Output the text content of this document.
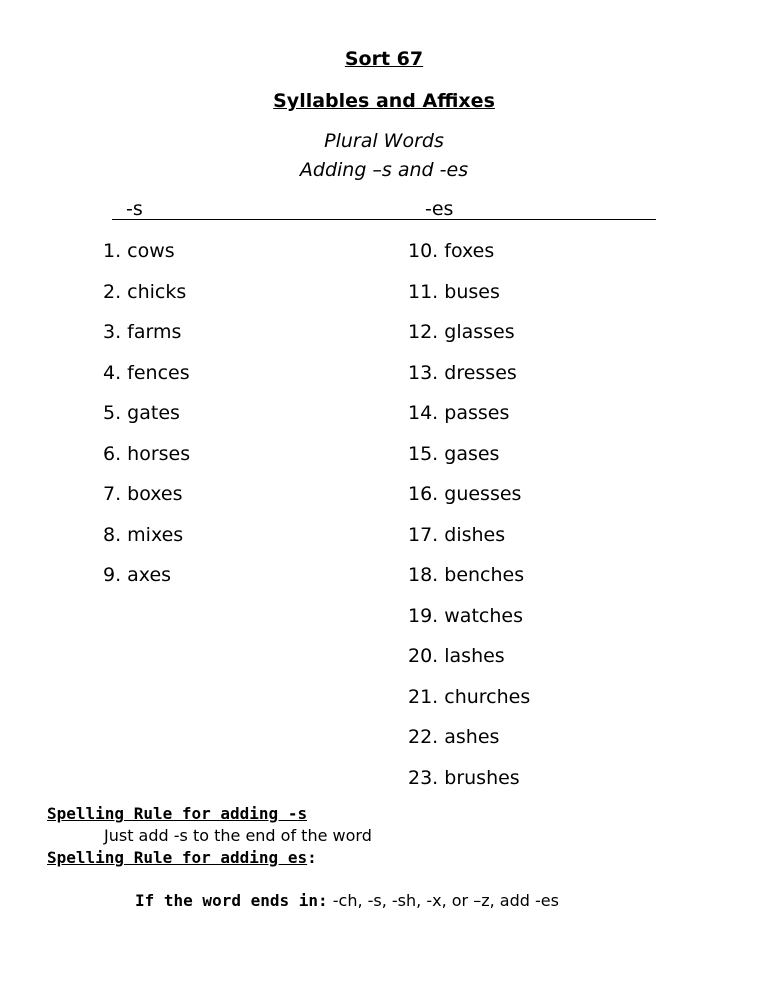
Sort 67
Syllables and Affixes
Plural Words
Adding –s and -es
-s	-es
1. cows
2. chicks
3. farms
4. fences
5. gates
6. horses
7. boxes
8. mixes
9. axes
10. foxes
11. buses
12. glasses
13. dresses
14. passes
15. gases
16. guesses
17. dishes
18. benches
19. watches
20. lashes
21. churches
22. ashes
23. brushes
Spelling Rule for adding -s
Just add -s to the end of the word
Spelling Rule for adding es:
If the word ends in: -ch, -s, -sh, -x, or –z, add -es
